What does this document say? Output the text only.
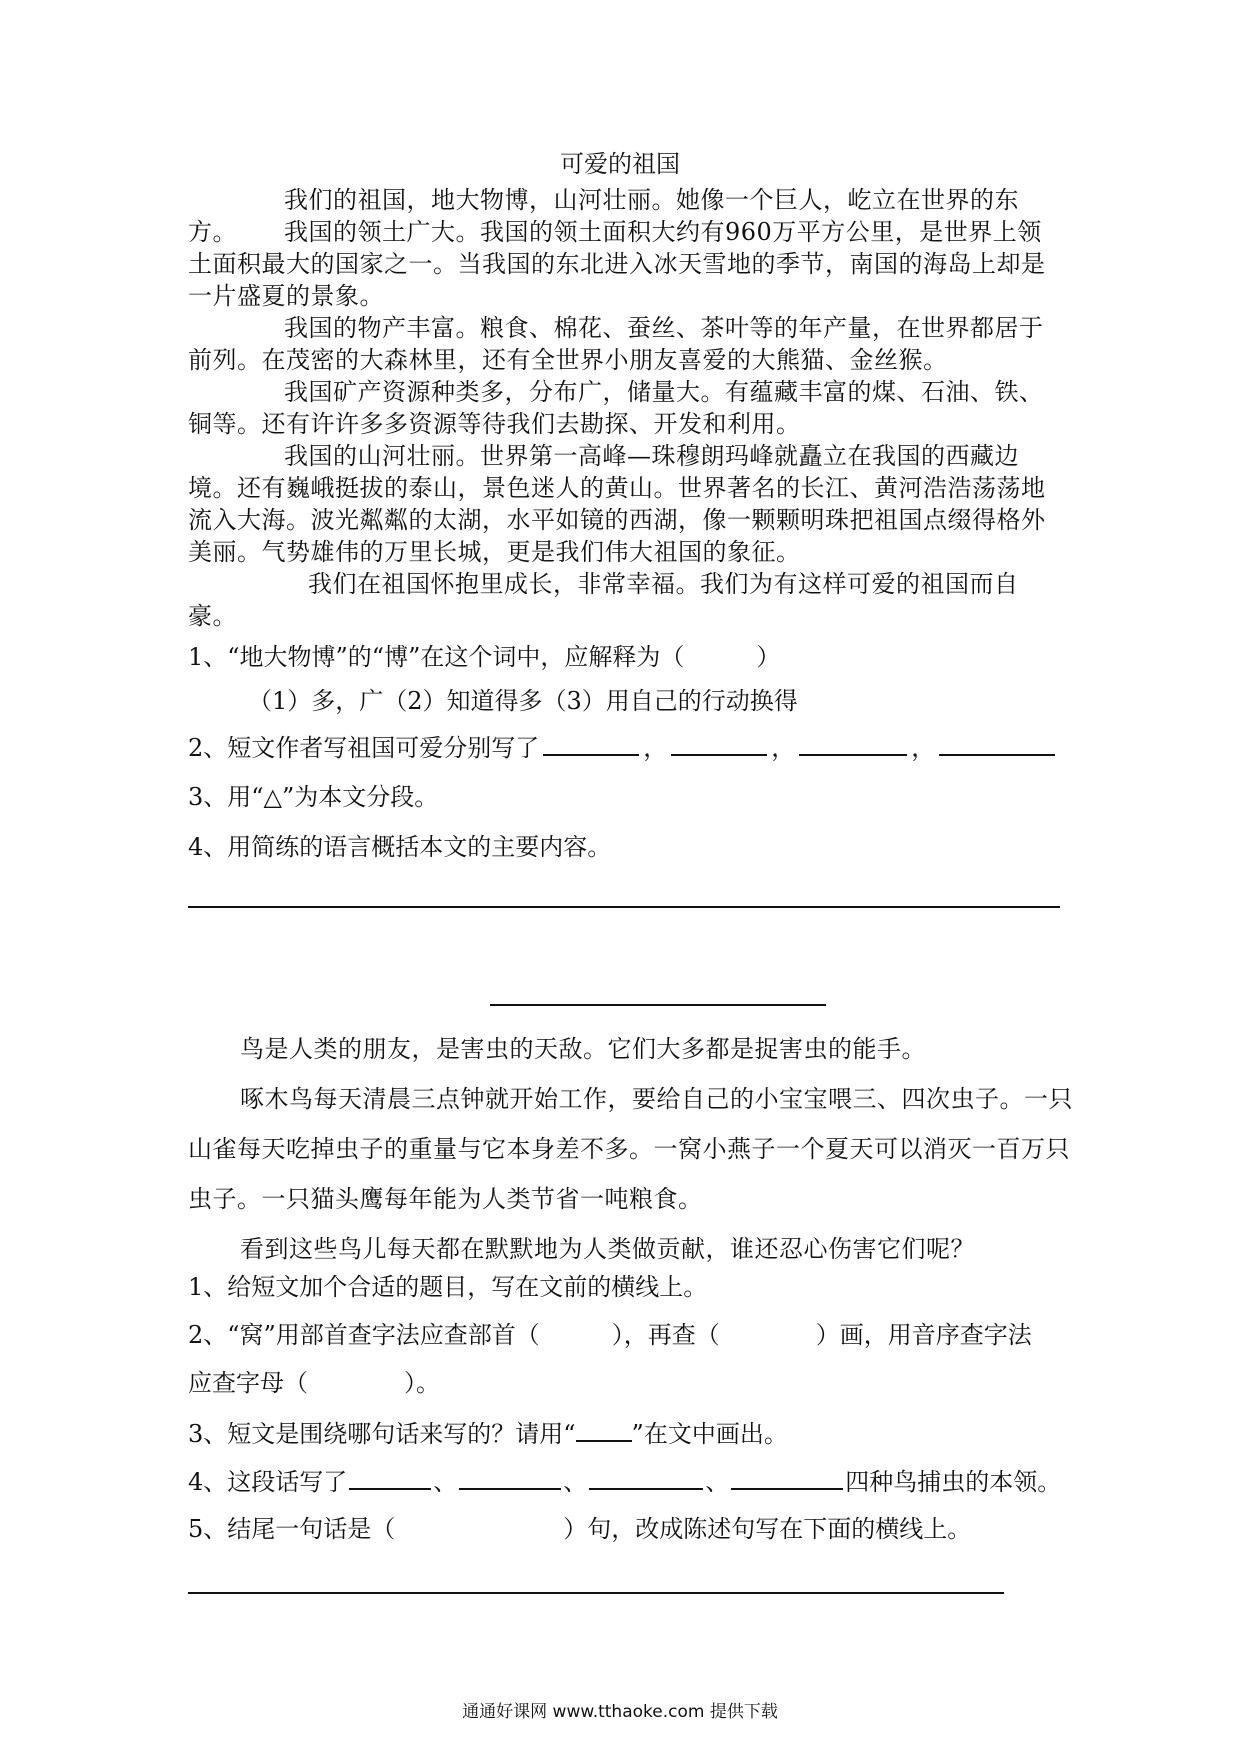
可爱的祖国
我们的祖国，地大物博，山河壮丽。她像一个巨人，屹立在世界的东方。	我国的领土广大。我国的领土面积大约有960万平方公里，是世界上领土面积最大的国家之一。当我国的东北进入冰天雪地的季节，南国的海岛上却是一片盛夏的景象。
我国的物产丰富。粮食、棉花、蚕丝、茶叶等的年产量，在世界都居于前列。在茂密的大森林里，还有全世界小朋友喜爱的大熊猫、金丝猴。
我国矿产资源种类多，分布广，储量大。有蕴藏丰富的煤、石油、铁、铜等。还有许许多多资源等待我们去勘探、开发和利用。
我国的山河壮丽。世界第一高峰—珠穆朗玛峰就矗立在我国的西藏边境。还有巍峨挺拔的泰山，景色迷人的黄山。世界著名的长江、黄河浩浩荡荡地流入大海。波光粼粼的太湖，水平如镜的西湖，像一颗颗明珠把祖国点缀得格外美丽。气势雄伟的万里长城，更是我们伟大祖国的象征。
我们在祖国怀抱里成长，非常幸福。我们为有这样可爱的祖国而自豪。
1、“地大物博”的“博”在这个词中，应解释为（　　　）
（1）多，广（2）知道得多（3）用自己的行动换得
2、短文作者写祖国可爱分别写了	，	，	，
3、用“△”为本文分段。
4、用简练的语言概括本文的主要内容。
鸟是人类的朋友，是害虫的天敌。它们大多都是捉害虫的能手。
啄木鸟每天清晨三点钟就开始工作，要给自己的小宝宝喂三、四次虫子。一只山雀每天吃掉虫子的重量与它本身差不多。一窝小燕子一个夏天可以消灭一百万只虫子。一只猫头鹰每年能为人类节省一吨粮食。
看到这些鸟儿每天都在默默地为人类做贡献，谁还忍心伤害它们呢？
1、给短文加个合适的题目，写在文前的横线上。
2、“窝”用部首查字法应查部首（　　　），再查（　　　　）画，用音序查字法
应查字母（　　　　）。
3、短文是围绕哪句话来写的？请用“ ”在文中画出。
4、这段话写了	、	、	、	四种鸟捕虫的本领。
5、结尾一句话是（　　　　　　　）句，改成陈述句写在下面的横线上。
通通好课网 www.tthaoke.com 提供下载
